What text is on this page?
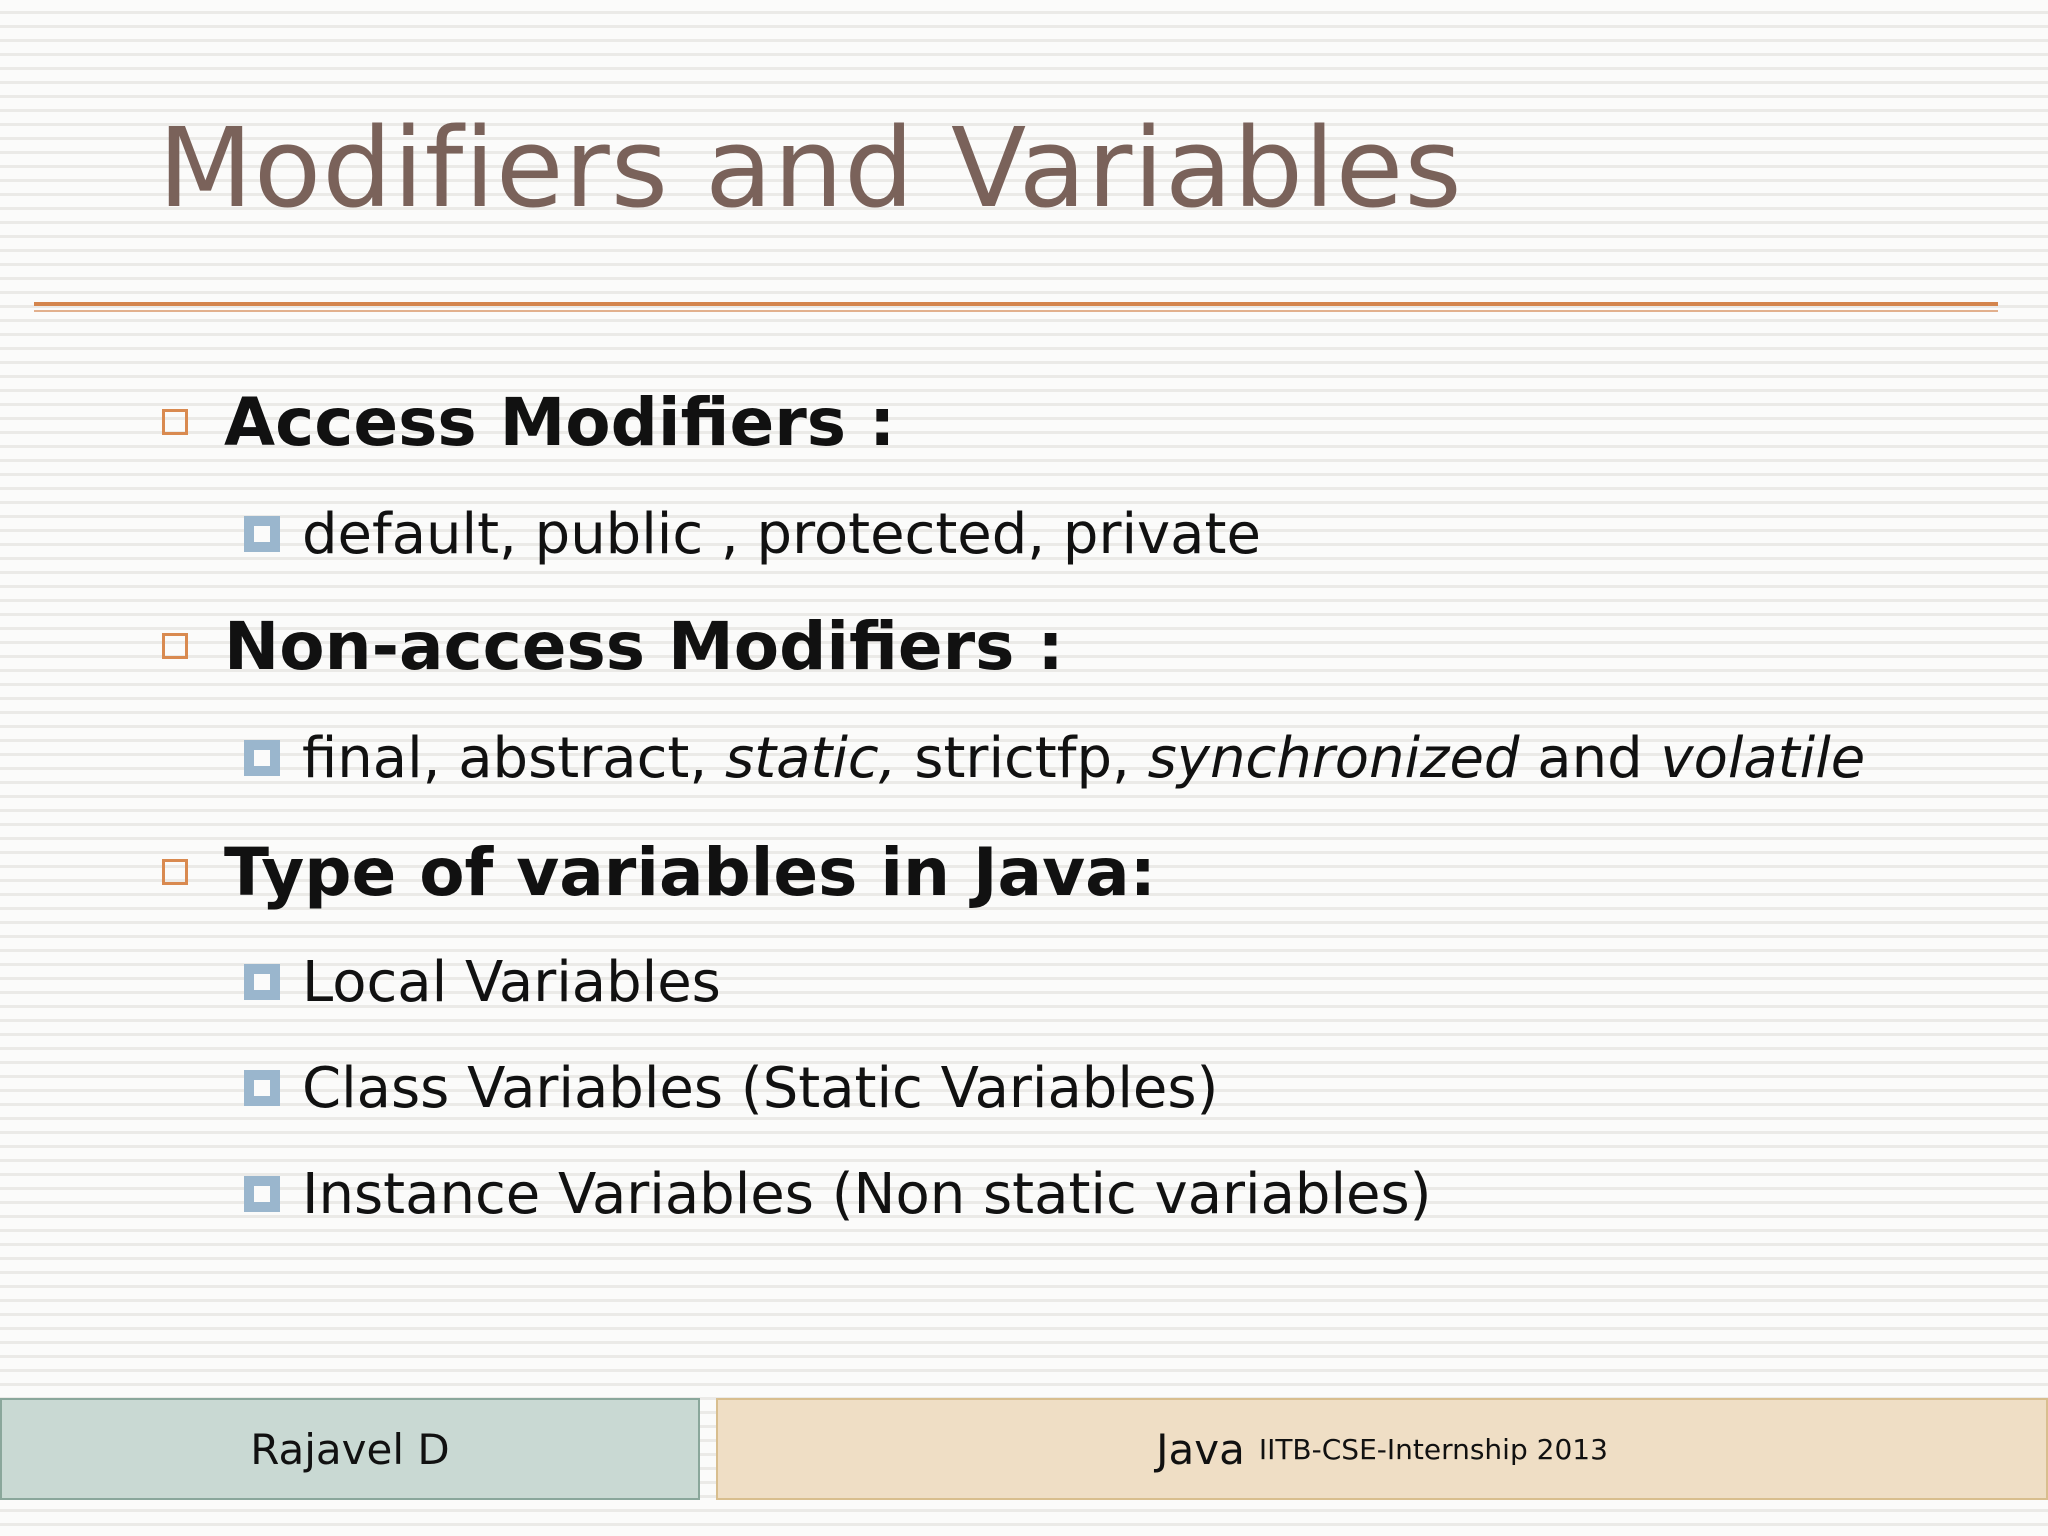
Modifiers and Variables
Access Modifiers :
default, public , protected, private
Non-access Modifiers :
final, abstract, static, strictfp, synchronized and volatile
Type of variables in Java:
Local Variables
Class Variables (Static Variables)
Instance Variables (Non static variables)
Rajavel D	Java IITB-CSE-Internship 2013
